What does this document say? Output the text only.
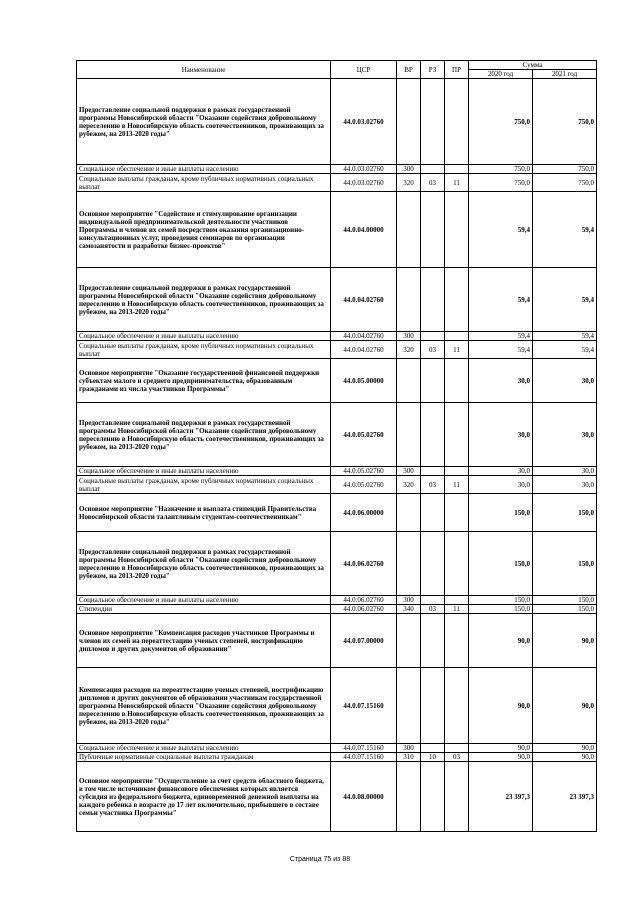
Наименование	ЦСР	ВР	РЗ	ПР	Сумма	
					2020 год	2021 год
Предоставление социальной поддержки в рамках государственной программы Новосибирской области "Оказание содействия добровольному переселению в Новосибирскую область соотечественников, проживающих за рубежом, на 2013-2020 годы"	44.0.03.02760				750,0	750,0
Социальное обеспечение и иные выплаты населению	44.0.03.02760	300			750,0	750,0
Социальные выплаты гражданам, кроме публичных нормативных социальных выплат	44.0.03.02760	320	03	11	750,0	750,0
Основное мероприятие "Содействие и стимулирование организации индивидуальной предпринимательской деятельности участников Программы и членов их семей посредством оказания организационно-консультационных услуг, проведения семинаров по организации самозанятости и разработке бизнес-проектов"	44.0.04.00000				59,4	59,4
Предоставление социальной поддержки в рамках государственной программы Новосибирской области "Оказание содействия добровольному переселению в Новосибирскую область соотечественников, проживающих за рубежом, на 2013-2020 годы"	44.0.04.02760				59,4	59,4
Социальное обеспечение и иные выплаты населению	44.0.04.02760	300			59,4	59,4
Социальные выплаты гражданам, кроме публичных нормативных социальных выплат	44.0.04.02760	320	03	11	59,4	59,4
Основное мероприятие "Оказание государственной финансовой поддержки субъектам малого и среднего предпринимательства, образованным гражданами из числа участников Программы"	44.0.05.00000				30,0	30,0
Предоставление социальной поддержки в рамках государственной программы Новосибирской области "Оказание содействия добровольному переселению в Новосибирскую область соотечественников, проживающих за рубежом, на 2013-2020 годы"	44.0.05.02760				30,0	30,0
Социальное обеспечение и иные выплаты населению	44.0.05.02760	300			30,0	30,0
Социальные выплаты гражданам, кроме публичных нормативных социальных выплат	44.0.05.02760	320	03	11	30,0	30,0
Основное мероприятие "Назначение и выплата стипендий Правительства Новосибирской области талантливым студентам-соотечественникам"	44.0.06.00000				150,0	150,0
Предоставление социальной поддержки в рамках государственной программы Новосибирской области "Оказание содействия добровольному переселению в Новосибирскую область соотечественников, проживающих за рубежом, на 2013-2020 годы"	44.0.06.02760				150,0	150,0
Социальное обеспечение и иные выплаты населению	44.0.06.02760	300			150,0	150,0
Стипендии	44.0.06.02760	340	03	11	150,0	150,0
Основное мероприятие "Компенсация расходов участников Программы и членов их семей на переаттестацию ученых степеней, нострификацию дипломов и других документов об образовании"	44.0.07.00000				90,0	90,0
Компенсация расходов на переаттестацию ученых степеней, нострификацию дипломов и других документов об образовании участникам государственной программы Новосибирской области "Оказание содействия добровольному переселению в Новосибирскую область соотечественников, проживающих за рубежом, на 2013-2020 годы"	44.0.07.15160				90,0	90,0
Социальное обеспечение и иные выплаты населению	44.0.07.15160	300			90,0	90,0
Публичные нормативные социальные выплаты гражданам	44.0.07.15160	310	10	03	90,0	90,0
Основное мероприятие "Осуществление за счет средств областного бюджета, в том числе источником финансового обеспечения которых является субсидия из федерального бюджета, единовременной денежной выплаты на каждого ребенка в возрасте до 17 лет включительно, прибывшего в составе семьи участника Программы"	44.0.08.00000				23 397,3	23 397,3
Страница 75 из 88
